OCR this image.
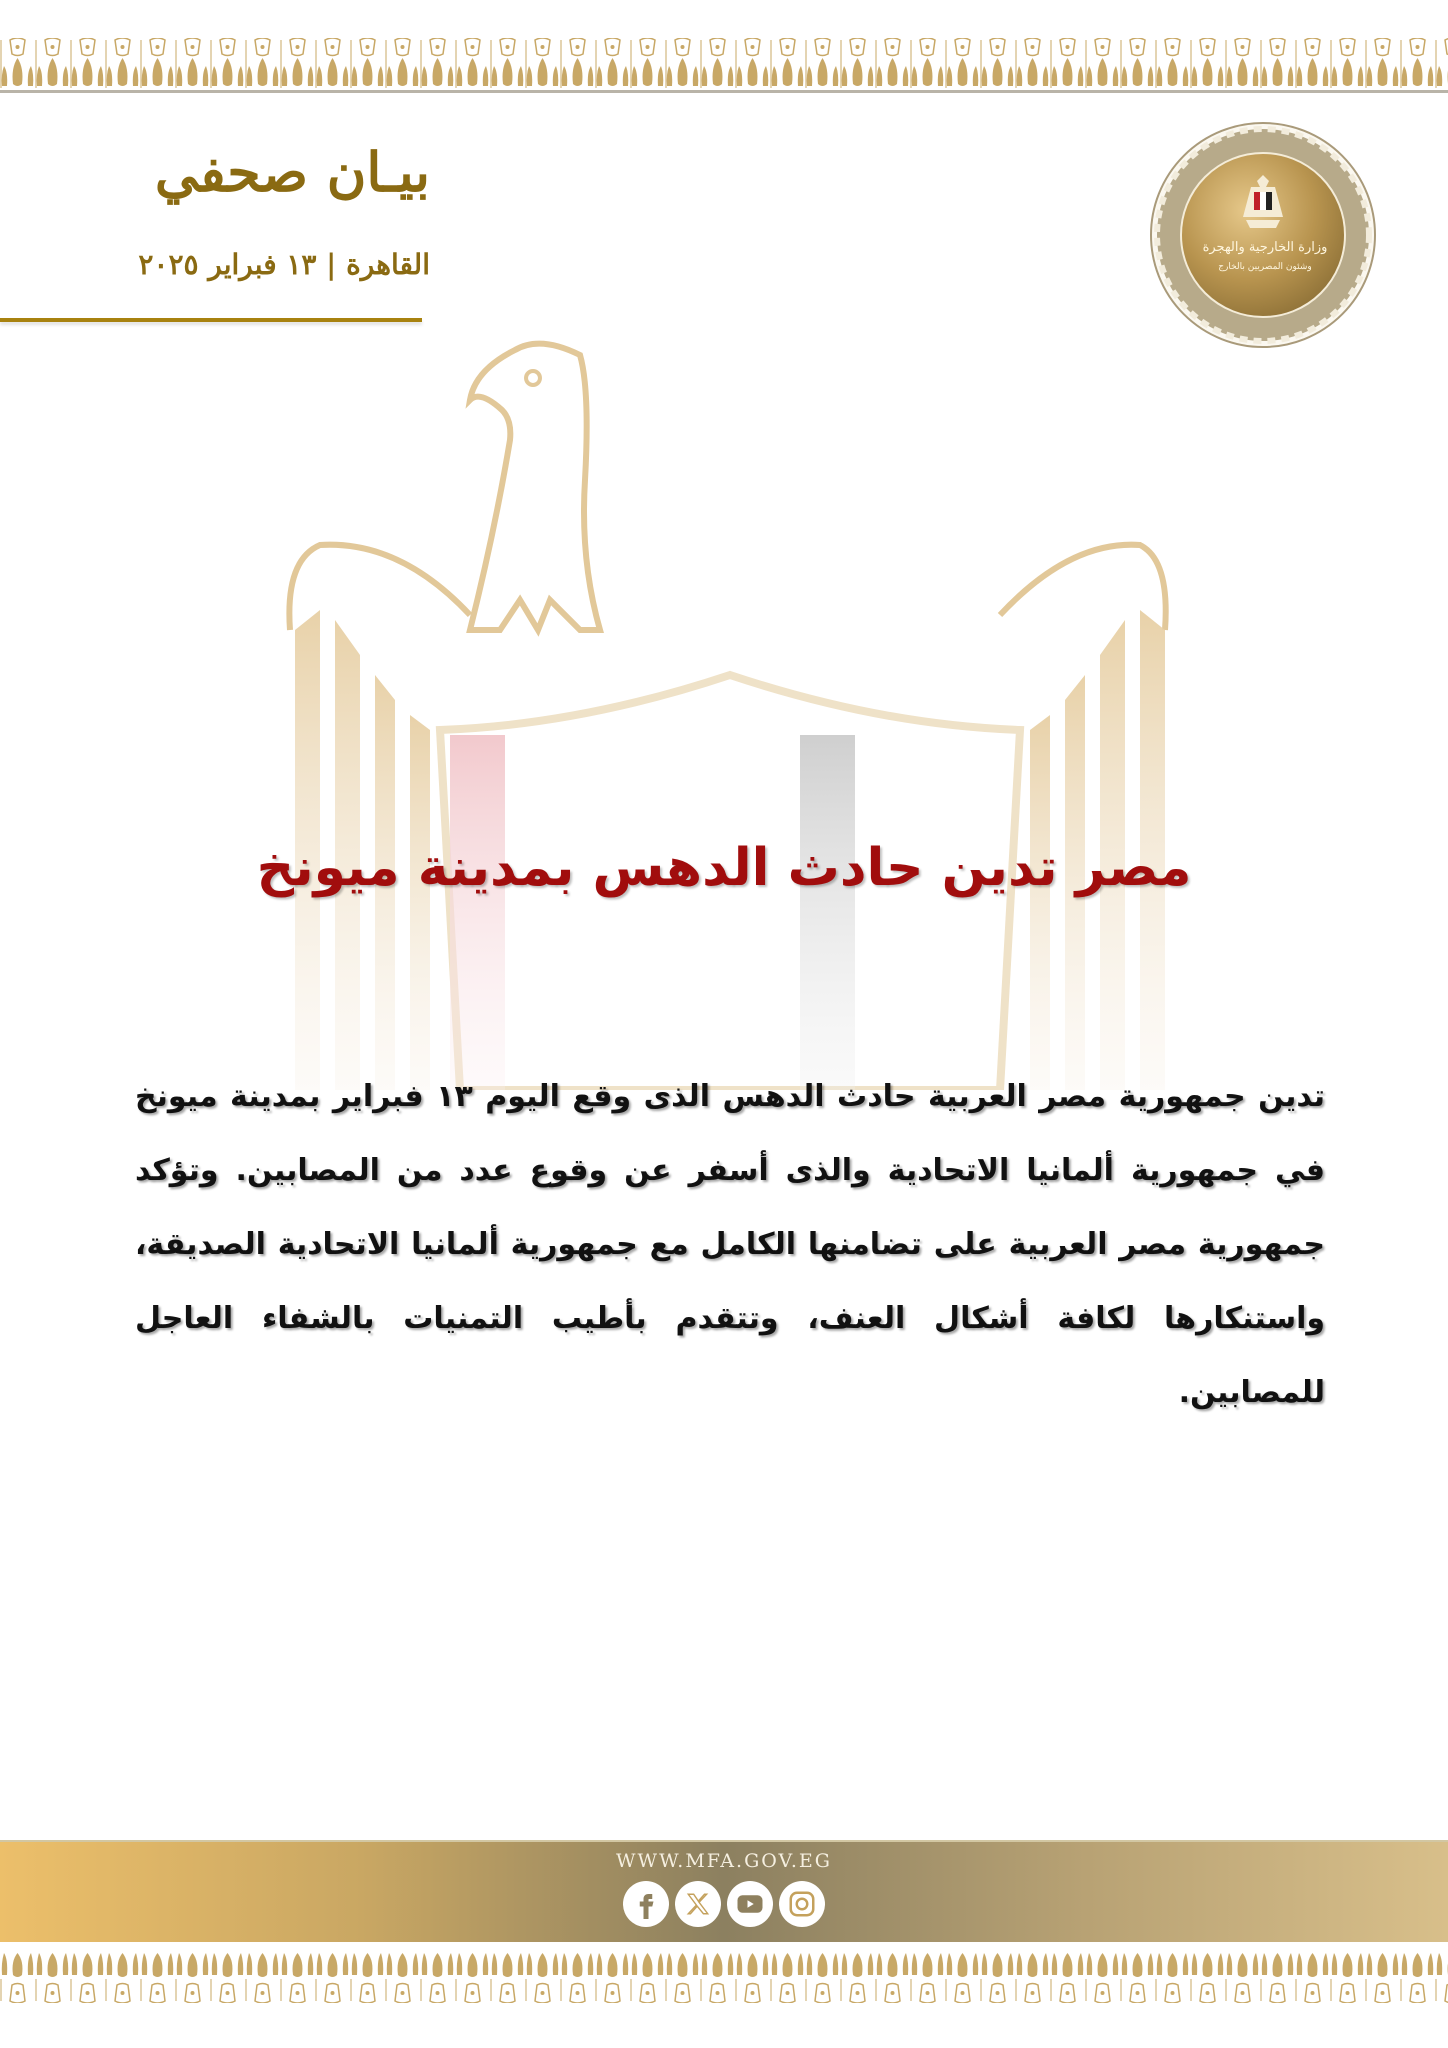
بيـان صحفي
القاهرة | ١٣ فبراير ٢٠٢٥
وزارة الخارجية والهجرة
وشئون المصريين بالخارج
مصر تدين حادث الدهس بمدينة ميونخ
تدين جمهورية مصر العربية حادث الدهس الذى وقع اليوم ١٣ فبراير بمدينة ميونخ في جمهورية ألمانيا الاتحادية والذى أسفر عن وقوع عدد من المصابين. وتؤكد جمهورية مصر العربية على تضامنها الكامل مع جمهورية ألمانيا الاتحادية الصديقة، واستنكارها لكافة أشكال العنف، وتتقدم بأطيب التمنيات بالشفاء العاجل للمصابين.
WWW.MFA.GOV.EG
